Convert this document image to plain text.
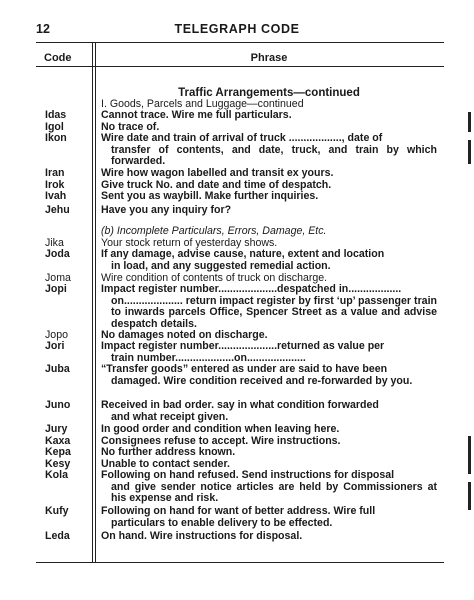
12	TELEGRAPH CODE
Code	Phrase
Traffic Arrangements—continued
I. Goods, Parcels and Luggage—continued
Idas	Cannot trace. Wire me full particulars.
Igol	No trace of.
Ikon	Wire date and train of arrival of truck .................., date of
transfer of contents, and date, truck, and train by which forwarded.
Iran	Wire how wagon labelled and transit ex yours.
Irok	Give truck No. and date and time of despatch.
Ivah	Sent you as waybill. Make further inquiries.
Jehu	Have you any inquiry for?
(b) Incomplete Particulars, Errors, Damage, Etc.
Jika	Your stock return of yesterday shows.
Joda	If any damage, advise cause, nature, extent and location
in load, and any suggested remedial action.
Joma	Wire condition of contents of truck on discharge.
Jopi	Impact register number....................despatched in..................
on.................... return impact register by first ‘up’ passenger train to inwards parcels Office, Spencer Street as a value and advise despatch details.
Jopo	No damages noted on discharge.
Jori	Impact register number....................returned as value per
train number....................on....................
Juba	“Transfer goods” entered as under are said to have been
damaged. Wire condition received and re-forwarded by you.
Juno	Received in bad order. say in what condition forwarded
and what receipt given.
Jury	In good order and condition when leaving here.
Kaxa	Consignees refuse to accept. Wire instructions.
Kepa	No further address known.
Kesy	Unable to contact sender.
Kola	Following on hand refused. Send instructions for disposal
and give sender notice articles are held by Commissioners at his expense and risk.
Kufy	Following on hand for want of better address. Wire full
particulars to enable delivery to be effected.
Leda	On hand. Wire instructions for disposal.
